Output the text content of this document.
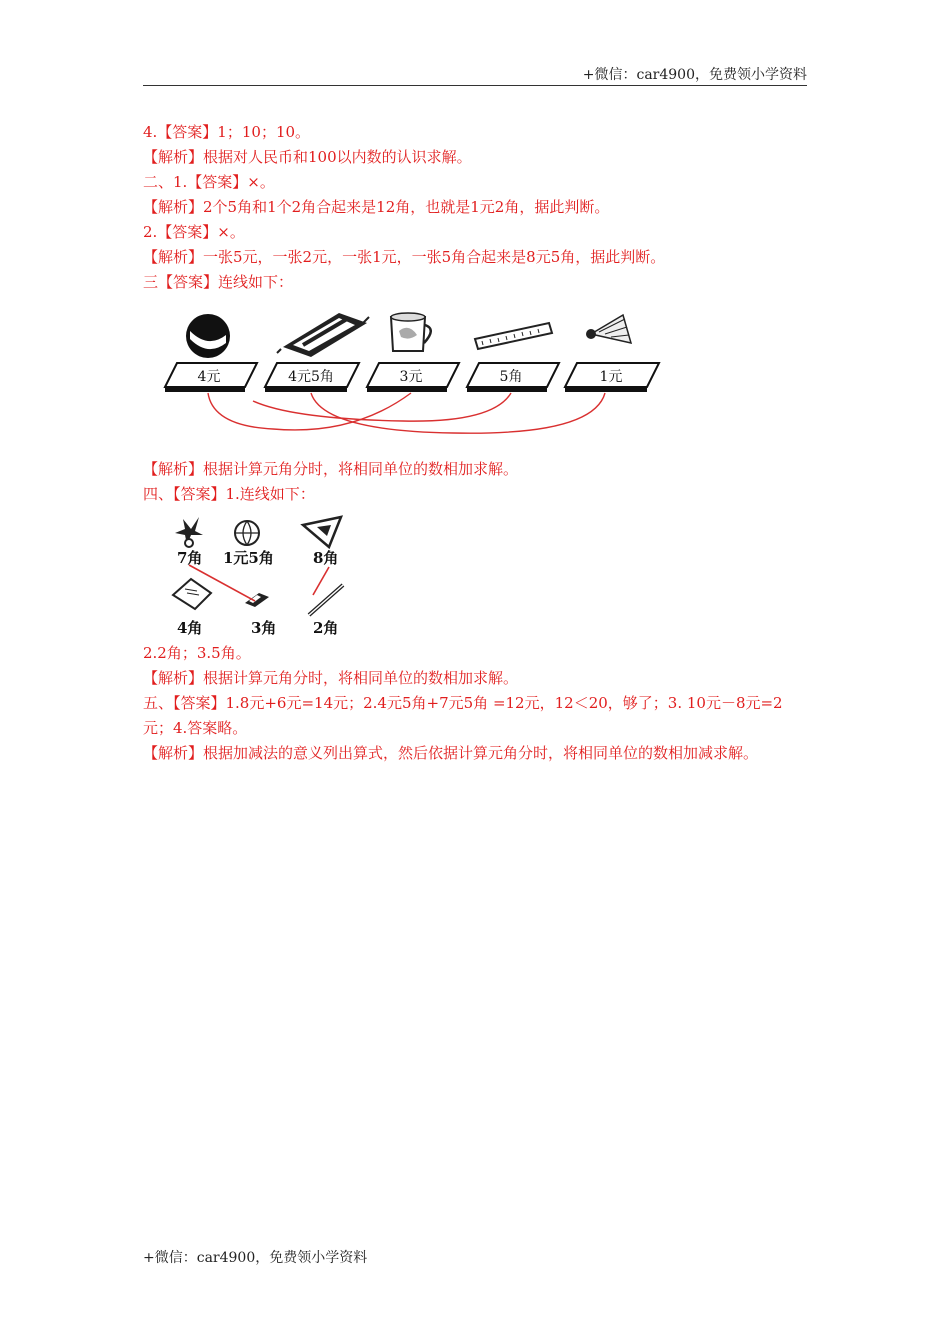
+微信：car4900，免费领小学资料
4.【答案】1；10；10。
【解析】根据对人民币和100以内数的认识求解。
二、1.【答案】×。
【解析】2个5角和1个2角合起来是12角，也就是1元2角，据此判断。
2.【答案】×。
【解析】一张5元，一张2元，一张1元，一张5角合起来是8元5角，据此判断。
三【答案】连线如下：
4元	4元5角	3元	5角	1元
【解析】根据计算元角分时，将相同单位的数相加求解。
四、【答案】1.连线如下：
7角 1元5角	8角
4角	3角 2角
2.2角；3.5角。
【解析】根据计算元角分时，将相同单位的数相加求解。
五、【答案】1.8元+6元=14元；2.4元5角+7元5角 =12元，12＜20，够了；3. 10元－8元=2
元；4.答案略。
【解析】根据加减法的意义列出算式，然后依据计算元角分时，将相同单位的数相加减求解。
+微信：car4900，免费领小学资料
